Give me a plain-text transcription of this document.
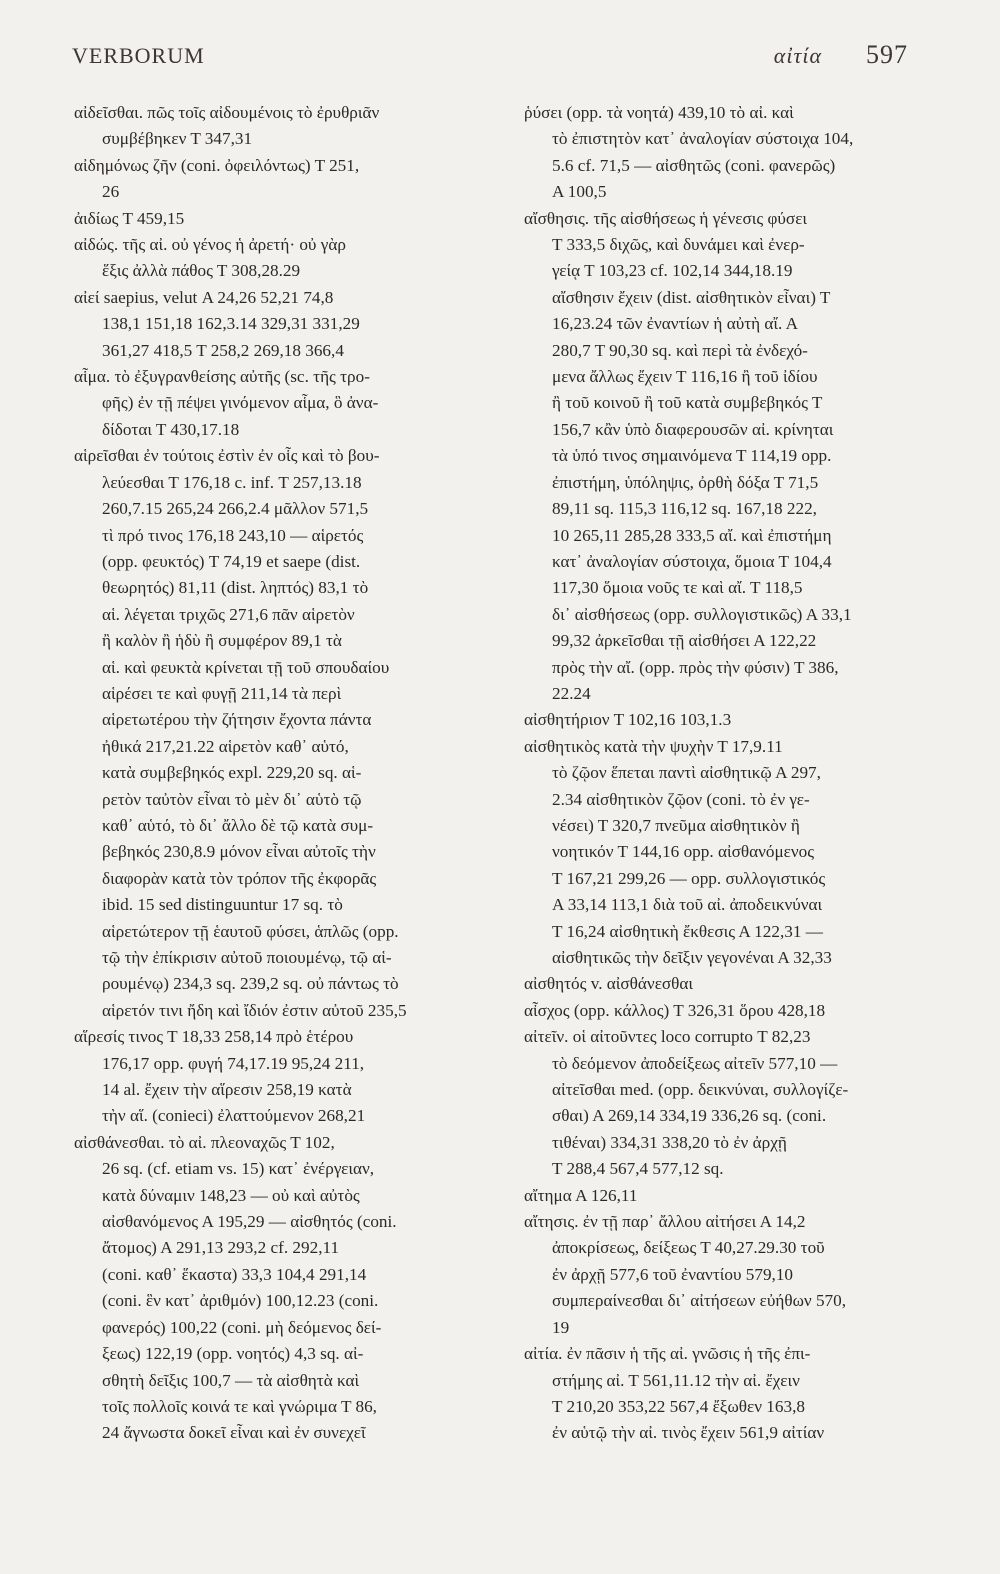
VERBORUM	αἰτία 597
αἰδεῖσθαι. πῶς τοῖς αἰδουμένοις τὸ ἐρυθριᾶν
συμβέβηκεν Τ 347,31
αἰδημόνως ζῆν (coni. ὀφειλόντως) Τ 251,
26
ἀιδίως Τ 459,15
αἰδώς. τῆς αἰ. οὐ γένος ἡ ἀρετή· οὐ γὰρ
ἕξις ἀλλὰ πάθος Τ 308,28.29
αἰεί saepius, velut Α 24,26 52,21 74,8
138,1 151,18 162,3.14 329,31 331,29
361,27 418,5 Τ 258,2 269,18 366,4
αἷμα. τὸ ἐξυγρανθείσης αὐτῆς (sc. τῆς τρο-
φῆς) ἐν τῇ πέψει γινόμενον αἷμα, ὃ ἀνα-
δίδοται Τ 430,17.18
αἱρεῖσθαι ἐν τούτοις ἐστὶν ἐν οἷς καὶ τὸ βου-
λεύεσθαι Τ 176,18 c. inf. Τ 257,13.18
260,7.15 265,24 266,2.4 μᾶλλον 571,5
τὶ πρό τινος 176,18 243,10 — αἱρετός
(opp. φευκτός) Τ 74,19 et saepe (dist.
θεωρητός) 81,11 (dist. ληπτός) 83,1 τὸ
αἱ. λέγεται τριχῶς 271,6 πᾶν αἱρετὸν
ἢ καλὸν ἢ ἡδὺ ἢ συμφέρον 89,1 τὰ
αἱ. καὶ φευκτὰ κρίνεται τῇ τοῦ σπουδαίου
αἱρέσει τε καὶ φυγῇ 211,14 τὰ περὶ
αἱρετωτέρου τὴν ζήτησιν ἔχοντα πάντα
ἠθικά 217,21.22 αἱρετὸν καθ᾽ αὑτό,
κατὰ συμβεβηκός expl. 229,20 sq. αἱ-
ρετὸν ταὐτὸν εἶναι τὸ μὲν δι᾽ αὑτὸ τῷ
καθ᾽ αὑτό, τὸ δι᾽ ἄλλο δὲ τῷ κατὰ συμ-
βεβηκός 230,8.9 μόνον εἶναι αὐτοῖς τὴν
διαφορὰν κατὰ τὸν τρόπον τῆς ἐκφορᾶς
ibid. 15 sed distinguuntur 17 sq. τὸ
αἱρετώτερον τῇ ἑαυτοῦ φύσει, ἁπλῶς (opp.
τῷ τὴν ἐπίκρισιν αὐτοῦ ποιουμένῳ, τῷ αἱ-
ρουμένῳ) 234,3 sq. 239,2 sq. οὐ πάντως τὸ
αἱρετόν τινι ἤδη καὶ ἴδιόν ἐστιν αὐτοῦ 235,5
αἵρεσίς τινος Τ 18,33 258,14 πρὸ ἑτέρου
176,17 opp. φυγή 74,17.19 95,24 211,
14 al. ἔχειν τὴν αἵρεσιν 258,19 κατὰ
τὴν αἵ. (conieci) ἐλαττούμενον 268,21
αἰσθάνεσθαι. τὸ αἰ. πλεοναχῶς Τ 102,
26 sq. (cf. etiam vs. 15) κατ᾽ ἐνέργειαν,
κατὰ δύναμιν 148,23 — οὐ καὶ αὐτὸς
αἰσθανόμενος Α 195,29 — αἰσθητός (coni.
ἄτομος) Α 291,13 293,2 cf. 292,11
(coni. καθ᾽ ἕκαστα) 33,3 104,4 291,14
(coni. ἓν κατ᾽ ἀριθμόν) 100,12.23 (coni.
φανερός) 100,22 (coni. μὴ δεόμενος δεί-
ξεως) 122,19 (opp. νοητός) 4,3 sq. αἰ-
σθητὴ δεῖξις 100,7 — τὰ αἰσθητὰ καὶ
τοῖς πολλοῖς κοινά τε καὶ γνώριμα Τ 86,
24 ἄγνωστα δοκεῖ εἶναι καὶ ἐν συνεχεῖ
ῥύσει (opp. τὰ νοητά) 439,10 τὸ αἰ. καὶ
τὸ ἐπιστητὸν κατ᾽ ἀναλογίαν σύστοιχα 104,
5.6 cf. 71,5 — αἰσθητῶς (coni. φανερῶς)
Α 100,5
αἴσθησις. τῆς αἰσθήσεως ἡ γένεσις φύσει
Τ 333,5 διχῶς, καὶ δυνάμει καὶ ἐνερ-
γείᾳ Τ 103,23 cf. 102,14 344,18.19
αἴσθησιν ἔχειν (dist. αἰσθητικὸν εἶναι) Τ
16,23.24 τῶν ἐναντίων ἡ αὐτὴ αἴ. Α
280,7 Τ 90,30 sq. καὶ περὶ τὰ ἐνδεχό-
μενα ἄλλως ἔχειν Τ 116,16 ἢ τοῦ ἰδίου
ἢ τοῦ κοινοῦ ἢ τοῦ κατὰ συμβεβηκός Τ
156,7 κἂν ὑπὸ διαφερουσῶν αἰ. κρίνηται
τὰ ὑπό τινος σημαινόμενα Τ 114,19 opp.
ἐπιστήμη, ὑπόληψις, ὀρθὴ δόξα Τ 71,5
89,11 sq. 115,3 116,12 sq. 167,18 222,
10 265,11 285,28 333,5 αἴ. καὶ ἐπιστήμη
κατ᾽ ἀναλογίαν σύστοιχα, ὅμοια Τ 104,4
117,30 ὅμοια νοῦς τε καὶ αἴ. Τ 118,5
δι᾽ αἰσθήσεως (opp. συλλογιστικῶς) Α 33,1
99,32 ἀρκεῖσθαι τῇ αἰσθήσει Α 122,22
πρὸς τὴν αἴ. (opp. πρὸς τὴν φύσιν) Τ 386,
22.24
αἰσθητήριον Τ 102,16 103,1.3
αἰσθητικὸς κατὰ τὴν ψυχὴν Τ 17,9.11
τὸ ζῷον ἕπεται παντὶ αἰσθητικῷ Α 297,
2.34 αἰσθητικὸν ζῷον (coni. τὸ ἐν γε-
νέσει) Τ 320,7 πνεῦμα αἰσθητικὸν ἢ
νοητικόν Τ 144,16 opp. αἰσθανόμενος
Τ 167,21 299,26 — opp. συλλογιστικός
Α 33,14 113,1 διὰ τοῦ αἰ. ἀποδεικνύναι
Τ 16,24 αἰσθητικὴ ἔκθεσις Α 122,31 —
αἰσθητικῶς τὴν δεῖξιν γεγονέναι Α 32,33
αἰσθητός v. αἰσθάνεσθαι
αἶσχος (opp. κάλλος) Τ 326,31 ὅρου 428,18
αἰτεῖν. οἱ αἰτοῦντες loco corrupto Τ 82,23
τὸ δεόμενον ἀποδείξεως αἰτεῖν 577,10 —
αἰτεῖσθαι med. (opp. δεικνύναι, συλλογίζε-
σθαι) Α 269,14 334,19 336,26 sq. (coni.
τιθέναι) 334,31 338,20 τὸ ἐν ἀρχῇ
Τ 288,4 567,4 577,12 sq.
αἴτημα Α 126,11
αἴτησις. ἐν τῇ παρ᾽ ἄλλου αἰτήσει Α 14,2
ἀποκρίσεως, δείξεως Τ 40,27.29.30 τοῦ
ἐν ἀρχῇ 577,6 τοῦ ἐναντίου 579,10
συμπεραίνεσθαι δι᾽ αἰτήσεων εὐήθων 570,
19
αἰτία. ἐν πᾶσιν ἡ τῆς αἰ. γνῶσις ἡ τῆς ἐπι-
στήμης αἰ. Τ 561,11.12 τὴν αἰ. ἔχειν
Τ 210,20 353,22 567,4 ἔξωθεν 163,8
ἐν αὑτῷ τὴν αἰ. τινὸς ἔχειν 561,9 αἰτίαν
